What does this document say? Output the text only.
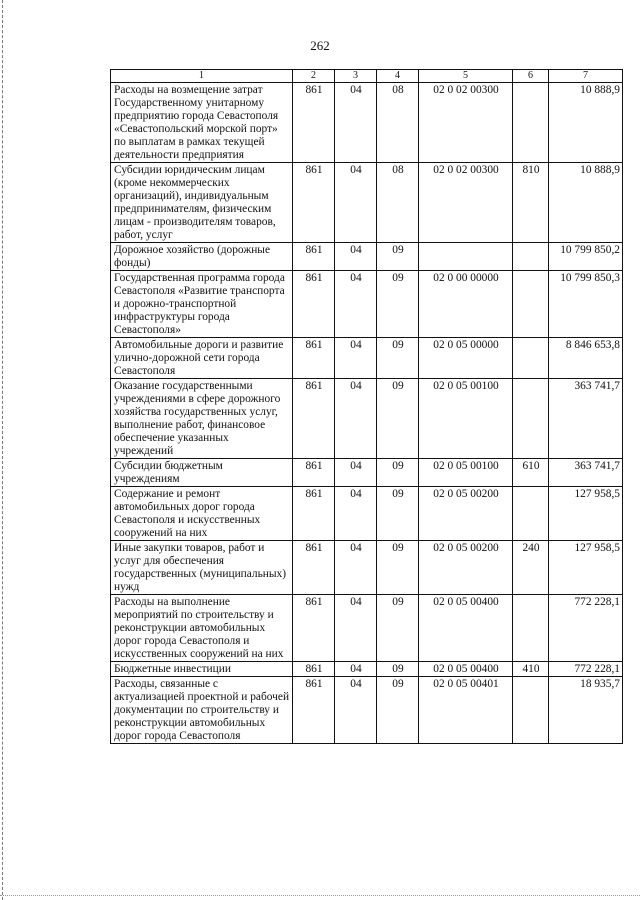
262
1	2	3	4	5	6	7
Расходы на возмещение затрат Государственному унитарному предприятию города Севастополя «Севастопольский морской порт» по выплатам в рамках текущей деятельности предприятия	861	04	08	02 0 02 00300		10 888,9
Субсидии юридическим лицам (кроме некоммерческих организаций), индивидуальным предпринимателям, физическим лицам - производителям товаров, работ, услуг	861	04	08	02 0 02 00300	810	10 888,9
Дорожное хозяйство (дорожные фонды)	861	04	09			10 799 850,2
Государственная программа города Севастополя «Развитие транспорта и дорожно-транспортной инфраструктуры города Севастополя»	861	04	09	02 0 00 00000		10 799 850,3
Автомобильные дороги и развитие улично-дорожной сети города Севастополя	861	04	09	02 0 05 00000		8 846 653,8
Оказание государственными учреждениями в сфере дорожного хозяйства государственных услуг, выполнение работ, финансовое обеспечение указанных учреждений	861	04	09	02 0 05 00100		363 741,7
Субсидии бюджетным учреждениям	861	04	09	02 0 05 00100	610	363 741,7
Содержание и ремонт автомобильных дорог города Севастополя и искусственных сооружений на них	861	04	09	02 0 05 00200		127 958,5
Иные закупки товаров, работ и услуг для обеспечения государственных (муниципальных) нужд	861	04	09	02 0 05 00200	240	127 958,5
Расходы на выполнение мероприятий по строительству и реконструкции автомобильных дорог города Севастополя и искусственных сооружений на них	861	04	09	02 0 05 00400		772 228,1
Бюджетные инвестиции	861	04	09	02 0 05 00400	410	772 228,1
Расходы, связанные с актуализацией проектной и рабочей документации по строительству и реконструкции автомобильных дорог города Севастополя	861	04	09	02 0 05 00401		18 935,7
